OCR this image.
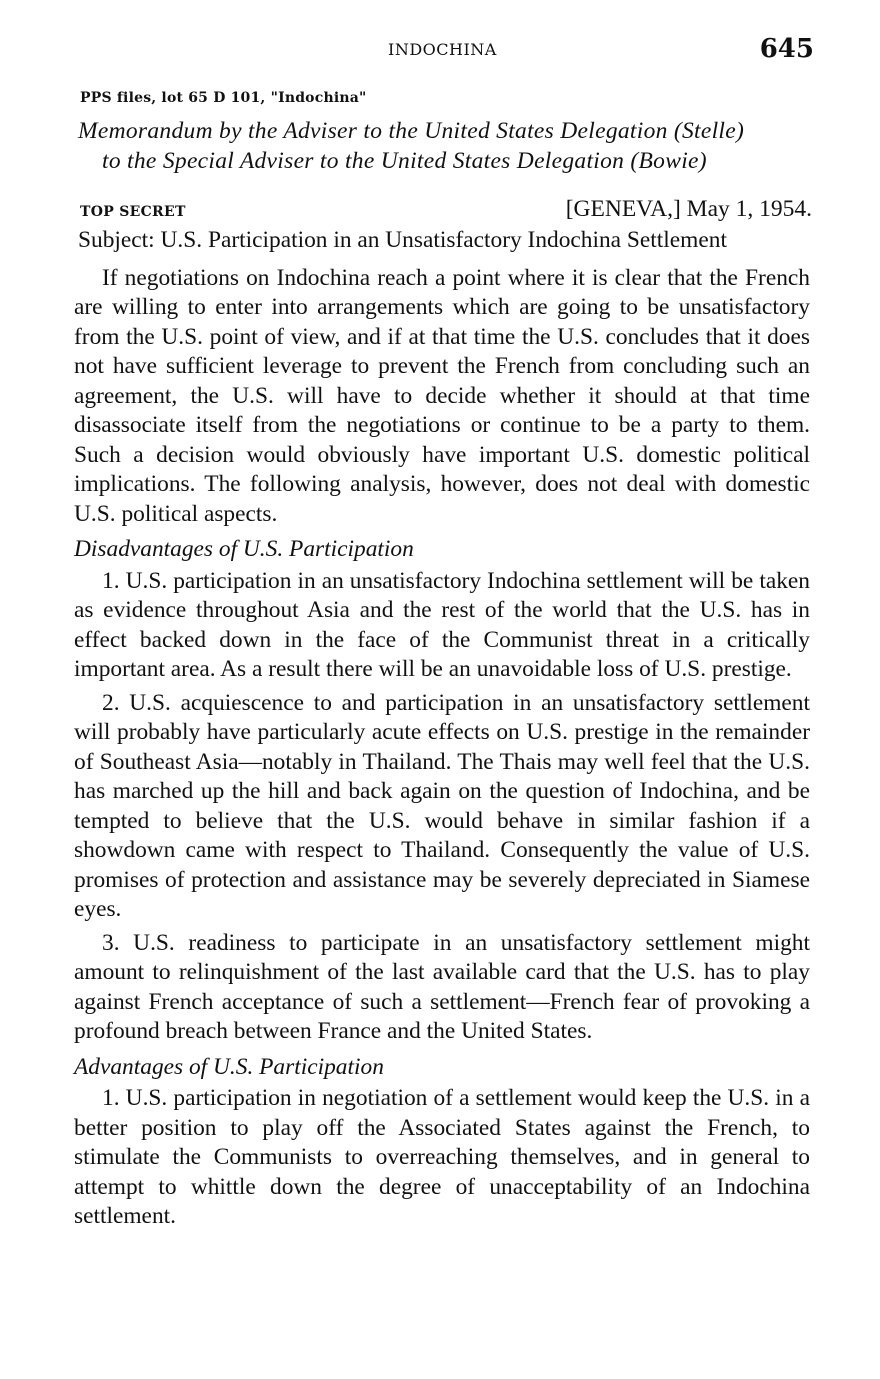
INDOCHINA	645
PPS files, lot 65 D 101, "Indochina"
Memorandum by the Adviser to the United States Delegation (Stelle)
to the Special Adviser to the United States Delegation (Bowie)
TOP SECRET	[GENEVA,] May 1, 1954.

Subject: U.S. Participation in an Unsatisfactory Indochina Settlement

If negotiations on Indochina reach a point where it is clear that the French are willing to enter into arrangements which are going to be unsatisfactory from the U.S. point of view, and if at that time the U.S. concludes that it does not have sufficient leverage to prevent the French from concluding such an agreement, the U.S. will have to decide whether it should at that time disassociate itself from the negotiations or continue to be a party to them. Such a decision would obviously have important U.S. domestic political implications. The following analysis, however, does not deal with domestic U.S. political aspects.

Disadvantages of U.S. Participation

1. U.S. participation in an unsatisfactory Indochina settlement will be taken as evidence throughout Asia and the rest of the world that the U.S. has in effect backed down in the face of the Communist threat in a critically important area. As a result there will be an unavoidable loss of U.S. prestige.

2. U.S. acquiescence to and participation in an unsatisfactory settlement will probably have particularly acute effects on U.S. prestige in the remainder of Southeast Asia—notably in Thailand. The Thais may well feel that the U.S. has marched up the hill and back again on the question of Indochina, and be tempted to believe that the U.S. would behave in similar fashion if a showdown came with respect to Thailand. Consequently the value of U.S. promises of protection and assistance may be severely depreciated in Siamese eyes.

3. U.S. readiness to participate in an unsatisfactory settlement might amount to relinquishment of the last available card that the U.S. has to play against French acceptance of such a settlement—French fear of provoking a profound breach between France and the United States.

Advantages of U.S. Participation

1. U.S. participation in negotiation of a settlement would keep the U.S. in a better position to play off the Associated States against the French, to stimulate the Communists to overreaching themselves, and in general to attempt to whittle down the degree of unacceptability of an Indochina settlement.
